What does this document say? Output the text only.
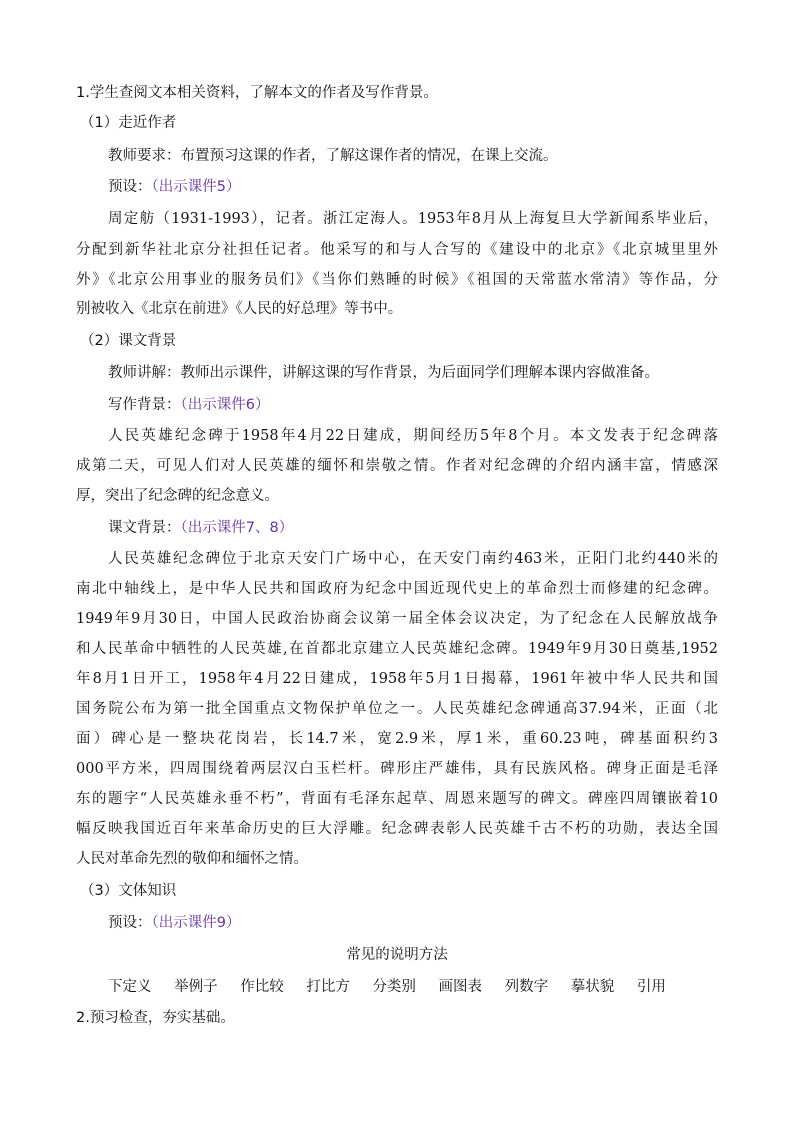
1.学生查阅文本相关资料，了解本文的作者及写作背景。
（1）走近作者
教师要求：布置预习这课的作者，了解这课作者的情况，在课上交流。
预设：（出示课件5）
周定舫（1931-1993），记者。浙江定海人。1953年8月从上海复旦大学新闻系毕业后，
分配到新华社北京分社担任记者。他采写的和与人合写的《建设中的北京》《北京城里里外
外》《北京公用事业的服务员们》《当你们熟睡的时候》《祖国的天常蓝水常清》等作品，分
别被收入《北京在前进》《人民的好总理》等书中。
（2）课文背景
教师讲解：教师出示课件，讲解这课的写作背景，为后面同学们理解本课内容做准备。
写作背景：（出示课件6）
人民英雄纪念碑于1958年4月22日建成，期间经历5年8个月。本文发表于纪念碑落
成第二天，可见人们对人民英雄的缅怀和崇敬之情。作者对纪念碑的介绍内涵丰富，情感深
厚，突出了纪念碑的纪念意义。
课文背景：（出示课件7、8）
人民英雄纪念碑位于北京天安门广场中心，在天安门南约463米，正阳门北约440米的
南北中轴线上，是中华人民共和国政府为纪念中国近现代史上的革命烈士而修建的纪念碑。
1949年9月30日，中国人民政治协商会议第一届全体会议决定，为了纪念在人民解放战争
和人民革命中牺牲的人民英雄,在首都北京建立人民英雄纪念碑。1949年9月30日奠基,1952
年8月1日开工，1958年4月22日建成，1958年5月1日揭幕，1961年被中华人民共和国
国务院公布为第一批全国重点文物保护单位之一。人民英雄纪念碑通高37.94米，正面（北
面）碑心是一整块花岗岩，长14.7米，宽2.9米，厚1米，重60.23吨，碑基面积约3
000平方米，四周围绕着两层汉白玉栏杆。碑形庄严雄伟，具有民族风格。碑身正面是毛泽
东的题字“人民英雄永垂不朽”，背面有毛泽东起草、周恩来题写的碑文。碑座四周镶嵌着10
幅反映我国近百年来革命历史的巨大浮雕。纪念碑表彰人民英雄千古不朽的功勋，表达全国
人民对革命先烈的敬仰和缅怀之情。
（3）文体知识
预设：（出示课件9）
常见的说明方法
下定义 举例子 作比较 打比方 分类别 画图表 列数字 摹状貌 引用
2.预习检查，夯实基础。
